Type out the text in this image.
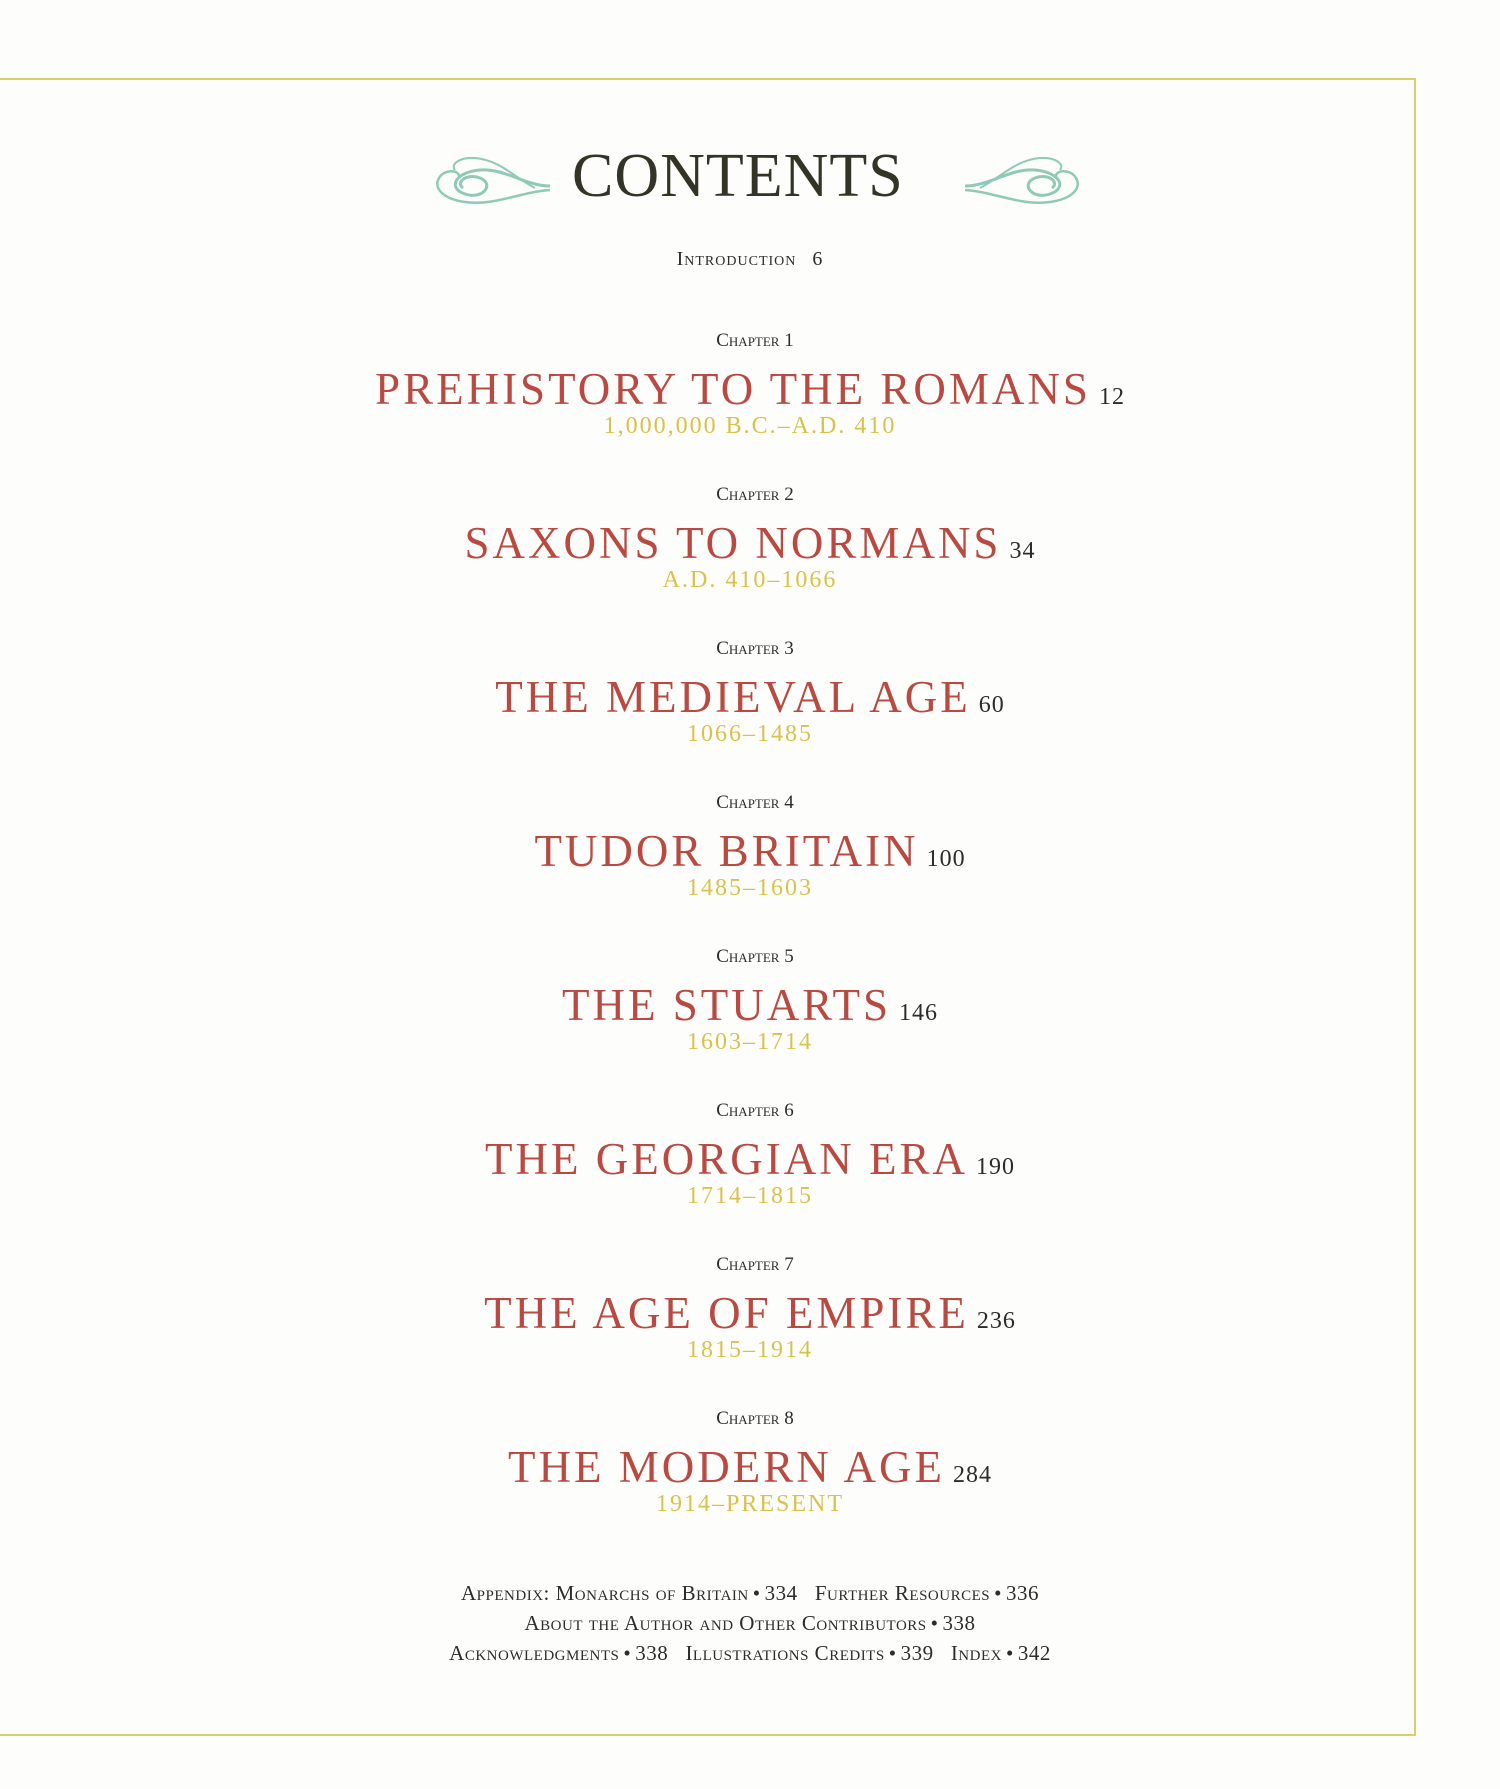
CONTENTS
Introduction 6
Chapter 1
PREHISTORY TO THE ROMANS 12
1,000,000 B.C.–A.D. 410
Chapter 2
SAXONS TO NORMANS 34
A.D. 410–1066
Chapter 3
THE MEDIEVAL AGE 60
1066–1485
Chapter 4
TUDOR BRITAIN 100
1485–1603
Chapter 5
THE STUARTS 146
1603–1714
Chapter 6
THE GEORGIAN ERA 190
1714–1815
Chapter 7
THE AGE OF EMPIRE 236
1815–1914
Chapter 8
THE MODERN AGE 284
1914–PRESENT
Appendix: Monarchs of Britain • 334 Further Resources • 336
About the Author and Other Contributors • 338
Acknowledgments • 338 Illustrations Credits • 339 Index • 342
